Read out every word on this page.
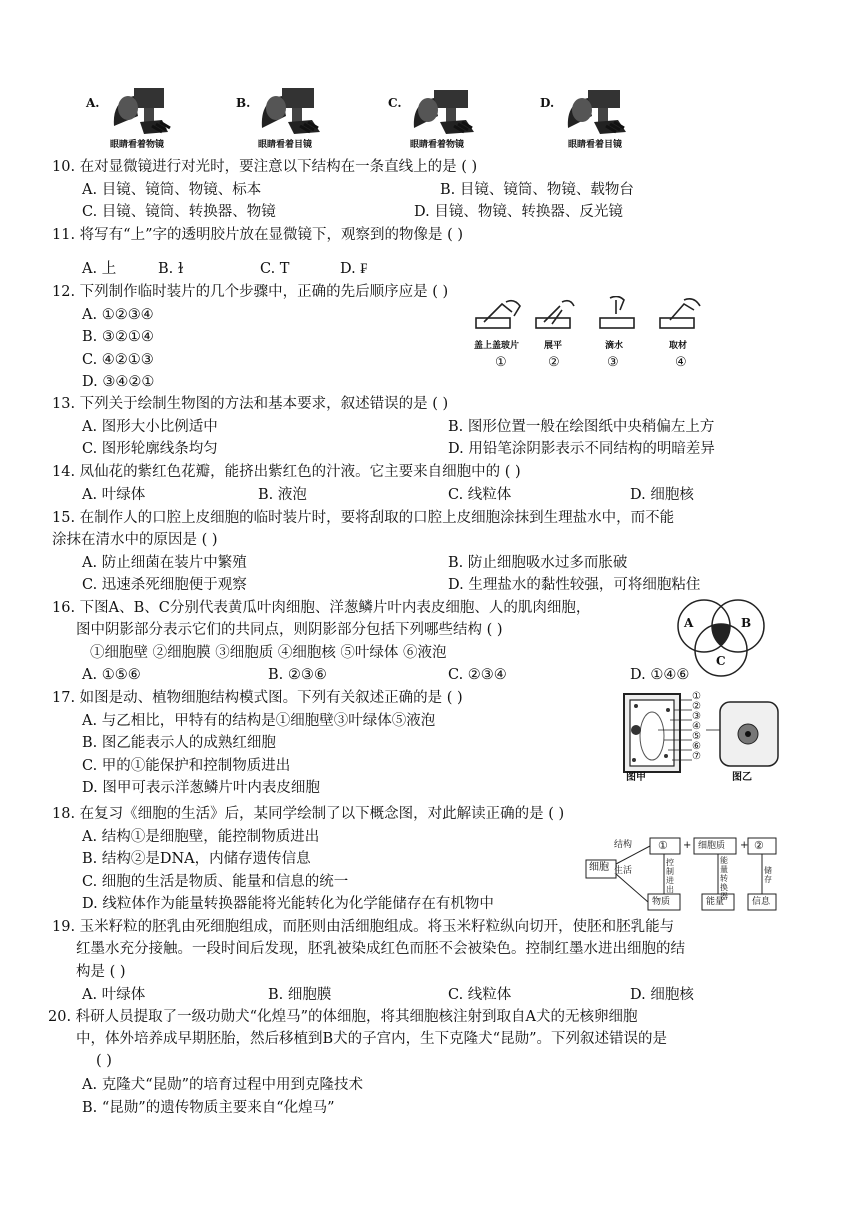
A.
眼睛看着物镜
B.
眼睛看着目镜
C.
眼睛看着物镜
D.
眼睛看着目镜
10. 在对显微镜进行对光时，要注意以下结构在一条直线上的是 ( )
A. 目镜、镜筒、物镜、标本	B. 目镜、镜筒、物镜、载物台
C. 目镜、镜筒、转换器、物镜	D. 目镜、物镜、转换器、反光镜
11. 将写有“上”字的透明胶片放在显微镜下，观察到的物像是 ( )
A. 上	B. ɫ	C. T	D. ₣
12. 下列制作临时装片的几个步骤中，正确的先后顺序应是 ( )
A. ①②③④
B. ③②①④
C. ④②①③
D. ③④②①
盖上盖玻片	展平	滴水	取材
①	②	③	④
13. 下列关于绘制生物图的方法和基本要求，叙述错误的是 ( )
A. 图形大小比例适中	B. 图形位置一般在绘图纸中央稍偏左上方
C. 图形轮廓线条均匀	D. 用铅笔涂阴影表示不同结构的明暗差异
14. 凤仙花的紫红色花瓣，能挤出紫红色的汁液。它主要来自细胞中的 ( )
A. 叶绿体	B. 液泡	C. 线粒体	D. 细胞核
15. 在制作人的口腔上皮细胞的临时装片时，要将刮取的口腔上皮细胞涂抹到生理盐水中，而不能
涂抹在清水中的原因是 ( )
A. 防止细菌在装片中繁殖	B. 防止细胞吸水过多而胀破
C. 迅速杀死细胞便于观察	D. 生理盐水的黏性较强，可将细胞粘住
16. 下图A、B、C分别代表黄瓜叶肉细胞、洋葱鳞片叶内表皮细胞、人的肌肉细胞，
图中阴影部分表示它们的共同点，则阴影部分包括下列哪些结构 ( )
①细胞壁 ②细胞膜 ③细胞质 ④细胞核 ⑤叶绿体 ⑥液泡
A. ①⑤⑥	B. ②③⑥	C. ②③④	D. ①④⑥
A	B
C
17. 如图是动、植物细胞结构模式图。下列有关叙述正确的是 ( )
A. 与乙相比，甲特有的结构是①细胞壁③叶绿体⑤液泡
B. 图乙能表示人的成熟红细胞
C. 甲的①能保护和控制物质进出
D. 图甲可表示洋葱鳞片叶内表皮细胞
①
②
③
④
⑤
⑥
⑦
图甲	图乙
18. 在复习《细胞的生活》后，某同学绘制了以下概念图，对此解读正确的是 ( )
A. 结构①是细胞壁，能控制物质进出
B. 结构②是DNA，内储存遗传信息
C. 细胞的生活是物质、能量和信息的统一
D. 线粒体作为能量转换器能将光能转化为化学能储存在有机物中
细胞
结构
生活
① + 细胞质 + ②
控制进出
能量转换器
储存
物质	能量	信息
19. 玉米籽粒的胚乳由死细胞组成，而胚则由活细胞组成。将玉米籽粒纵向切开，使胚和胚乳能与
红墨水充分接触。一段时间后发现，胚乳被染成红色而胚不会被染色。控制红墨水进出细胞的结
构是 ( )
A. 叶绿体	B. 细胞膜	C. 线粒体	D. 细胞核
20. 科研人员提取了一级功勋犬“化煌马”的体细胞，将其细胞核注射到取自A犬的无核卵细胞
中，体外培养成早期胚胎，然后移植到B犬的子宫内，生下克隆犬“昆勋”。下列叙述错误的是
( )
A. 克隆犬“昆勋”的培育过程中用到克隆技术
B. “昆勋”的遗传物质主要来自“化煌马”
